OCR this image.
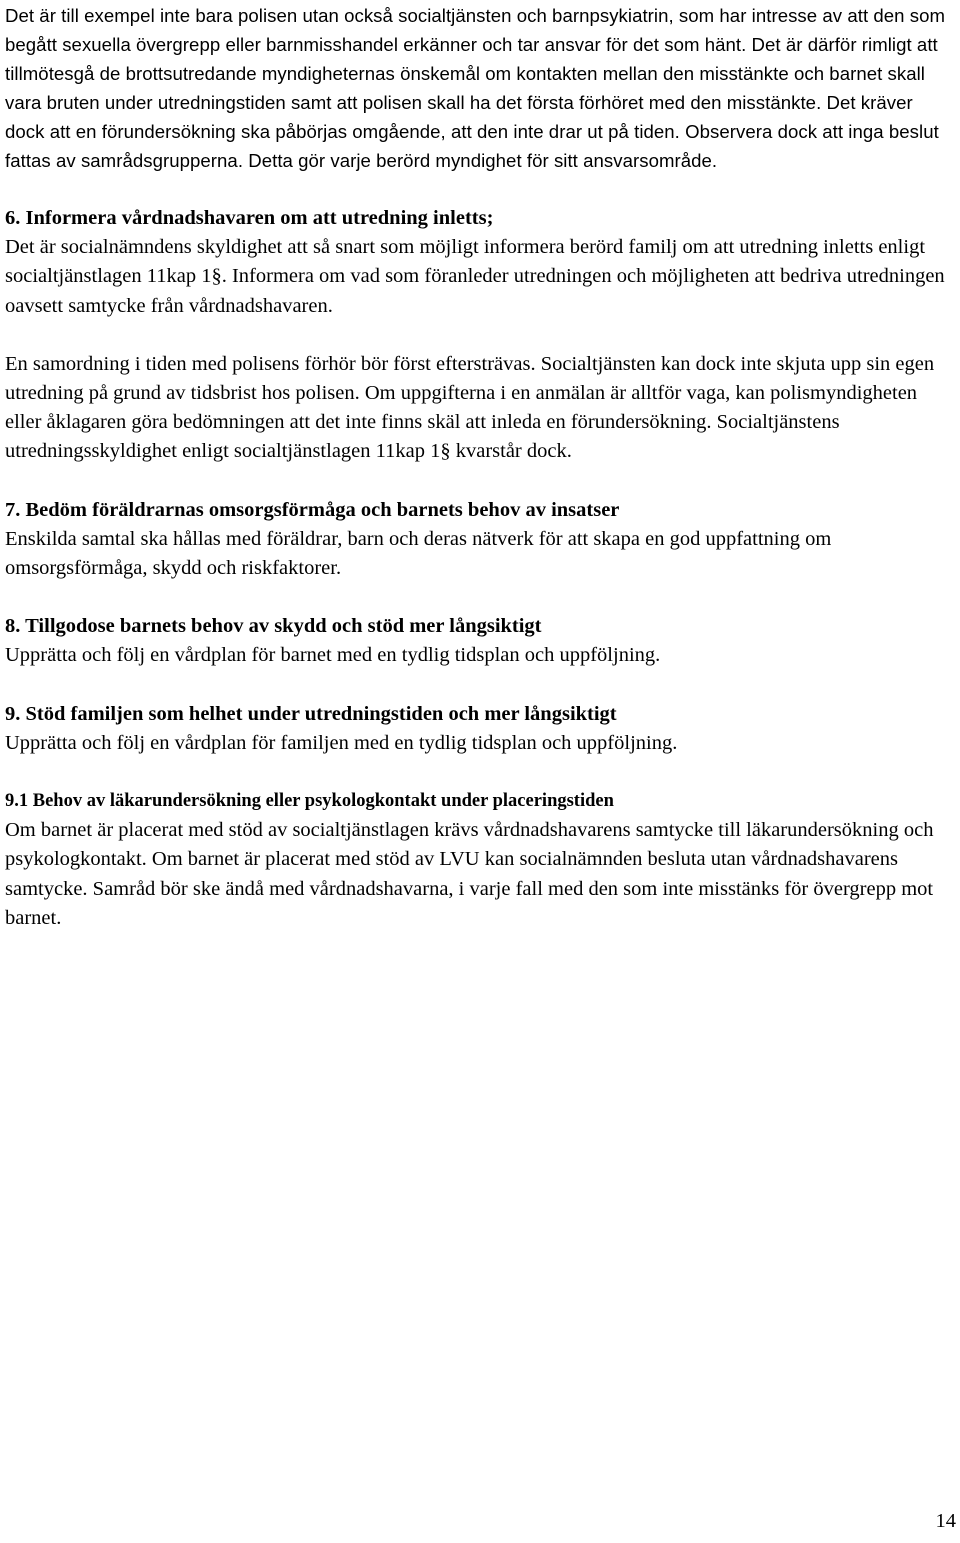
Det är till exempel inte bara polisen utan också socialtjänsten och barnpsykiatrin, som har intresse av att den som begått sexuella övergrepp eller barnmisshandel erkänner och tar ansvar för det som hänt. Det är därför rimligt att tillmötesgå de brottsutredande myndigheternas önskemål om kontakten mellan den misstänkte och barnet skall vara bruten under utredningstiden samt att polisen skall ha det första förhöret med den misstänkte. Det kräver dock att en förundersökning ska påbörjas omgående, att den inte drar ut på tiden. Observera dock att inga beslut fattas av samrådsgrupperna. Detta gör varje berörd myndighet för sitt ansvarsområde.

6. Informera vårdnadshavaren om att utredning inletts;

Det är socialnämndens skyldighet att så snart som möjligt informera berörd familj om att utredning inletts enligt socialtjänstlagen 11kap 1§. Informera om vad som föranleder utredningen och möjligheten att bedriva utredningen oavsett samtycke från vårdnadshavaren.

En samordning i tiden med polisens förhör bör först eftersträvas. Socialtjänsten kan dock inte skjuta upp sin egen utredning på grund av tidsbrist hos polisen. Om uppgifterna i en anmälan är alltför vaga, kan polismyndigheten eller åklagaren göra bedömningen att det inte finns skäl att inleda en förundersökning. Socialtjänstens utredningsskyldighet enligt socialtjänstlagen 11kap 1§ kvarstår dock.

7. Bedöm föräldrarnas omsorgsförmåga och barnets behov av insatser

Enskilda samtal ska hållas med föräldrar, barn och deras nätverk för att skapa en god uppfattning om omsorgsförmåga, skydd och riskfaktorer.

8. Tillgodose barnets behov av skydd och stöd mer långsiktigt

Upprätta och följ en vårdplan för barnet med en tydlig tidsplan och uppföljning.

9. Stöd familjen som helhet under utredningstiden och mer långsiktigt

Upprätta och följ en vårdplan för familjen med en tydlig tidsplan och uppföljning.

9.1 Behov av läkarundersökning eller psykologkontakt under placeringstiden

Om barnet är placerat med stöd av socialtjänstlagen krävs vårdnadshavarens samtycke till läkarundersökning och psykologkontakt. Om barnet är placerat med stöd av LVU kan socialnämnden besluta utan vårdnadshavarens samtycke. Samråd bör ske ändå med vårdnadshavarna, i varje fall med den som inte misstänks för övergrepp mot barnet.

14
